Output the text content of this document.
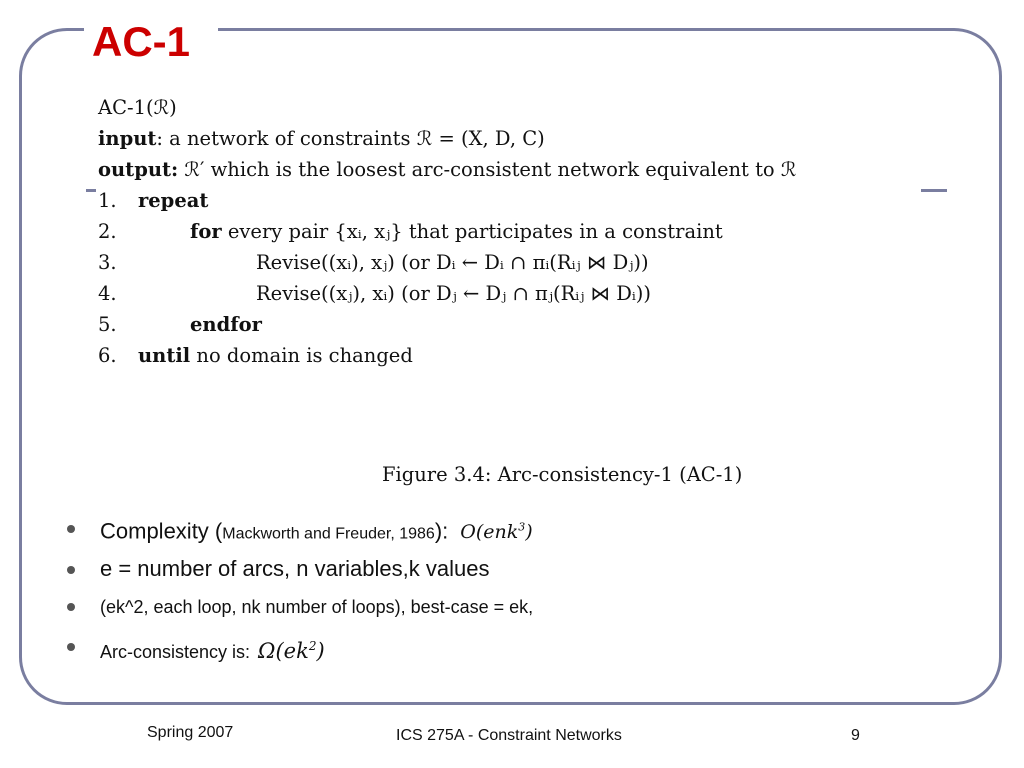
AC-1
AC-1(ℛ)
input: a network of constraints ℛ = (X, D, C)
output: ℛ′ which is the loosest arc-consistent network equivalent to ℛ
1. repeat
2.	for every pair {xᵢ, xⱼ} that participates in a constraint
3.	Revise((xᵢ), xⱼ) (or Dᵢ ← Dᵢ ∩ πᵢ(Rᵢⱼ ⋈ Dⱼ))
4.	Revise((xⱼ), xᵢ) (or Dⱼ ← Dⱼ ∩ πⱼ(Rᵢⱼ ⋈ Dᵢ))
5.	endfor
6. until no domain is changed
Figure 3.4: Arc-consistency-1 (AC-1)
Complexity (Mackworth and Freuder, 1986): O(enk$^3$)
e = number of arcs, n variables,k values
(ek^2, each loop, nk number of loops), best-case = ek,
Arc-consistency is: $\Omega(ek^2)$
Spring 2007	ICS 275A - Constraint Networks	9
